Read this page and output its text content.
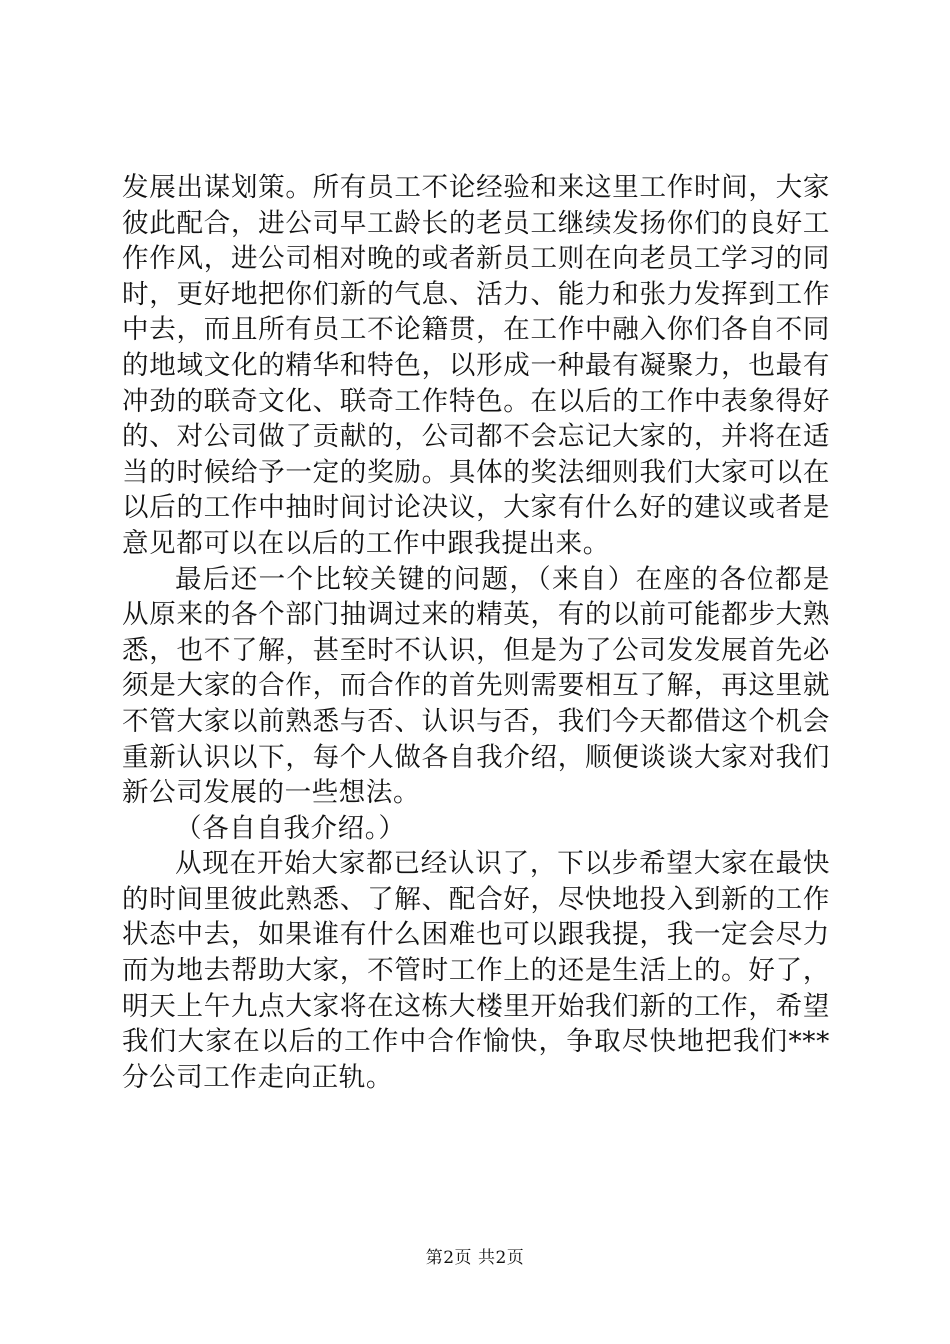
发展出谋划策。所有员工不论经验和来这里工作时间，大家彼此配合，进公司早工龄长的老员工继续发扬你们的良好工作作风，进公司相对晚的或者新员工则在向老员工学习的同时，更好地把你们新的气息、活力、能力和张力发挥到工作中去，而且所有员工不论籍贯，在工作中融入你们各自不同的地域文化的精华和特色，以形成一种最有凝聚力，也最有冲劲的联奇文化、联奇工作特色。在以后的工作中表象得好的、对公司做了贡献的，公司都不会忘记大家的，并将在适当的时候给予一定的奖励。具体的奖法细则我们大家可以在以后的工作中抽时间讨论决议，大家有什么好的建议或者是意见都可以在以后的工作中跟我提出来。

最后还一个比较关键的问题，（来自）在座的各位都是从原来的各个部门抽调过来的精英，有的以前可能都步大熟悉，也不了解，甚至时不认识，但是为了公司发发展首先必须是大家的合作，而合作的首先则需要相互了解，再这里就不管大家以前熟悉与否、认识与否，我们今天都借这个机会重新认识以下，每个人做各自我介绍，顺便谈谈大家对我们新公司发展的一些想法。

（各自自我介绍。）

从现在开始大家都已经认识了，下以步希望大家在最快的时间里彼此熟悉、了解、配合好，尽快地投入到新的工作状态中去，如果谁有什么困难也可以跟我提，我一定会尽力而为地去帮助大家，不管时工作上的还是生活上的。好了，明天上午九点大家将在这栋大楼里开始我们新的工作，希望我们大家在以后的工作中合作愉快，争取尽快地把我们***分公司工作走向正轨。

第2页 共2页
